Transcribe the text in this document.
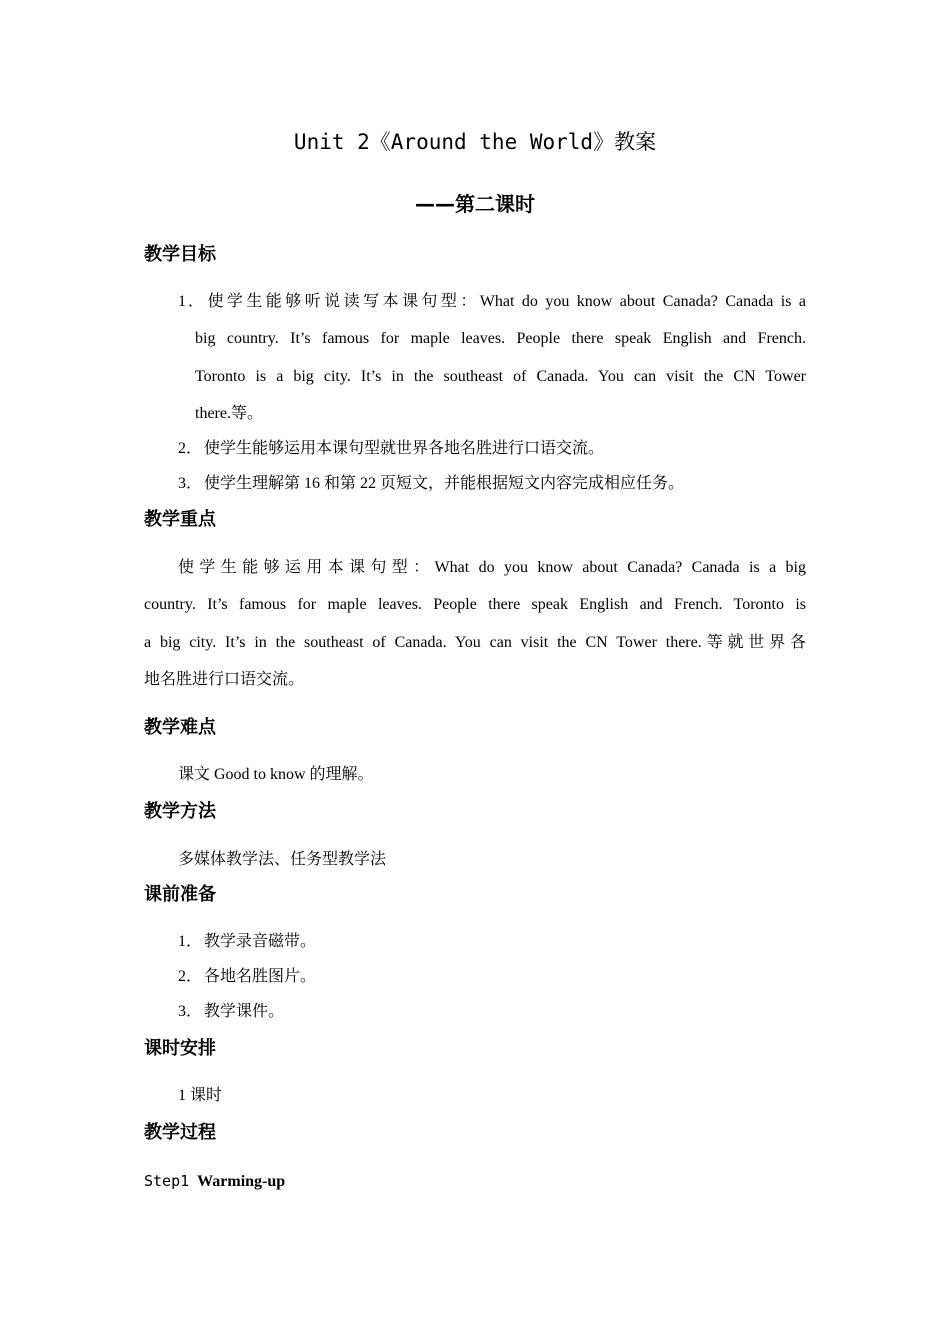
Unit 2《Around the World》教案
——第二课时
教学目标
1．使学生能够听说读写本课句型：What do you know about Canada? Canada is a
big country. It’s famous for maple leaves. People there speak English and French.
Toronto is a big city. It’s in the southeast of Canada. You can visit the CN Tower
there.等。
2． 使学生能够运用本课句型就世界各地名胜进行口语交流。
3． 使学生理解第 16 和第 22 页短文，并能根据短文内容完成相应任务。
教学重点
使学生能够运用本课句型：What do you know about Canada? Canada is a big
country. It’s famous for maple leaves. People there speak English and French. Toronto is
a big city. It’s in the southeast of Canada. You can visit the CN Tower there.等就世界各
地名胜进行口语交流。
教学难点
课文 Good to know 的理解。
教学方法
多媒体教学法、任务型教学法
课前准备
1． 教学录音磁带。
2． 各地名胜图片。
3． 教学课件。
课时安排
1 课时
教学过程
Step1 Warming-up
